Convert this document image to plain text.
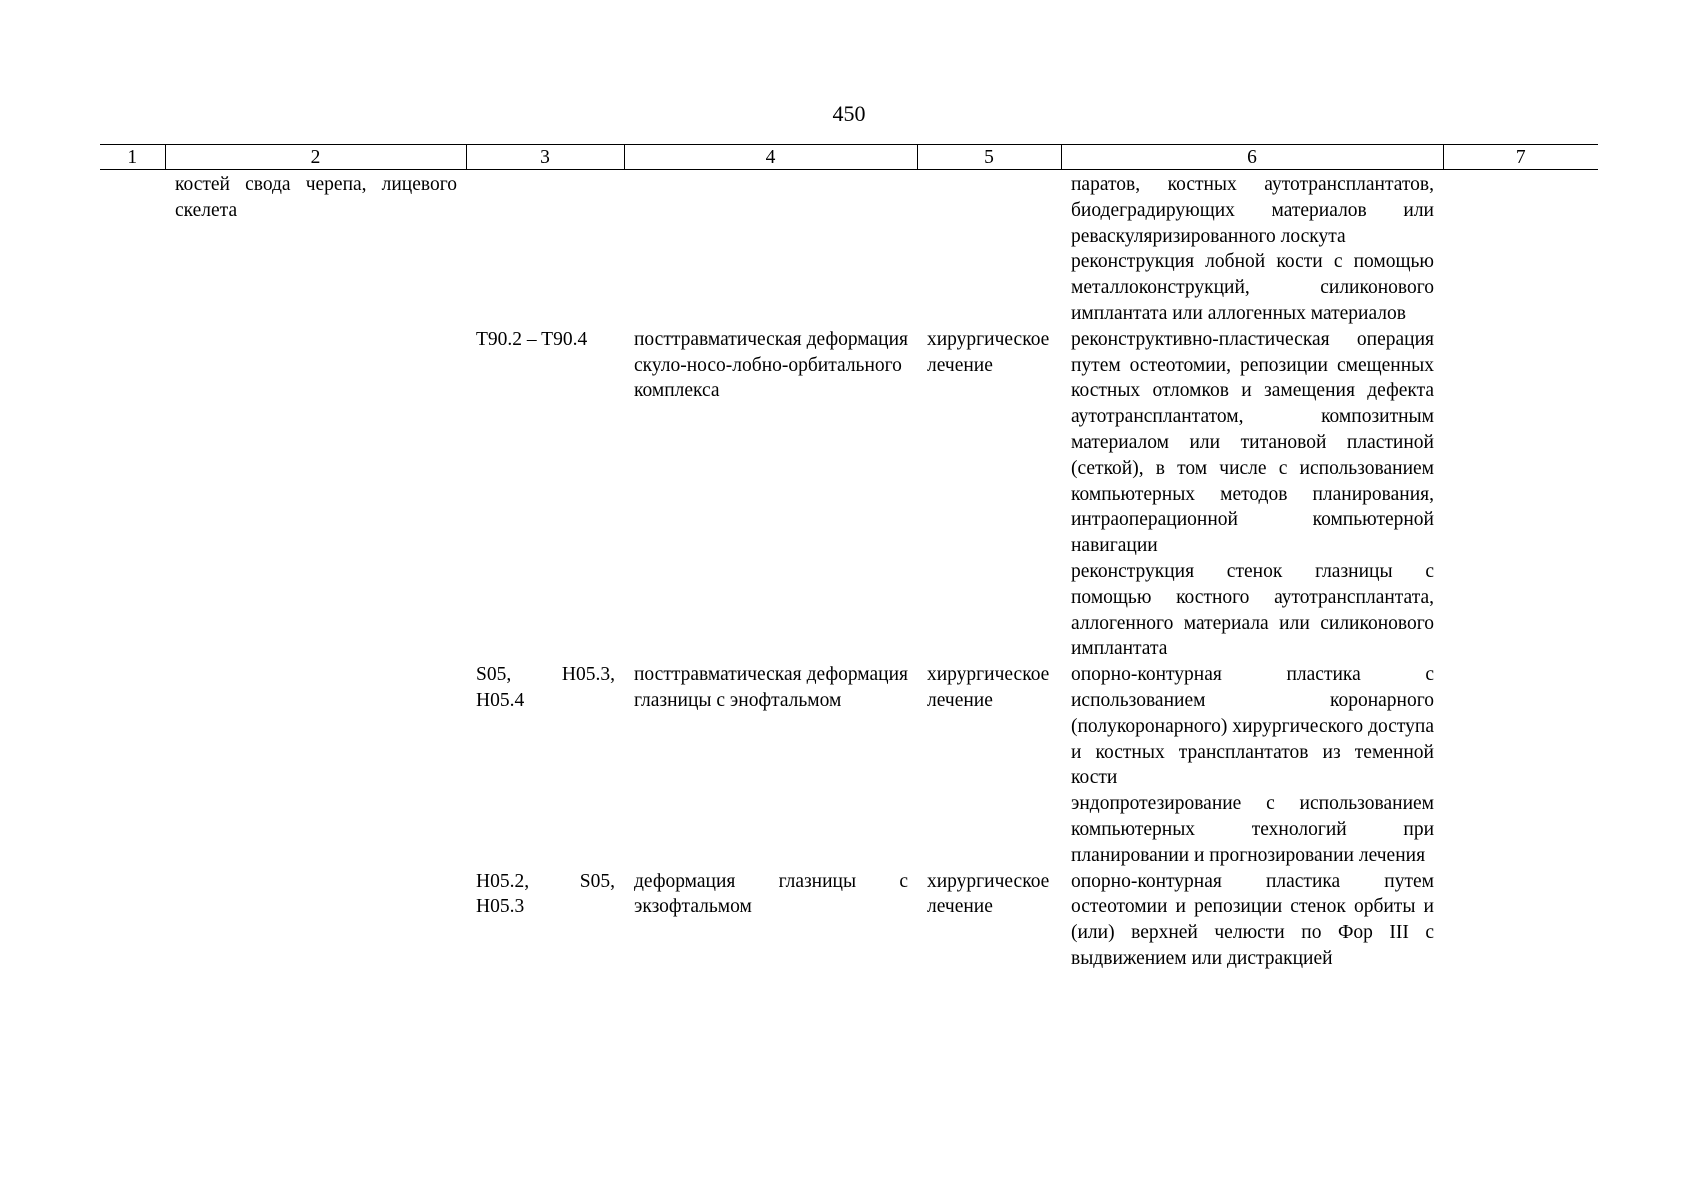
450
1	2	3	4	5	6	7
	костей свода черепа, лицевого скелета				паратов, костных аутотрансплантатов, биодеградирующих материалов или реваскуляризированного лоскута
реконструкция лобной кости с помощью металлоконструкций, силиконового имплантата или аллогенных материалов	

		T90.2 – T90.4	посттравматическая деформация скуло-носо-лобно-орбитального комплекса	хирургическое лечение	реконструктивно-пластическая операция путем остеотомии, репозиции смещенных костных отломков и замещения дефекта аутотрансплантатом, композитным материалом или титановой пластиной (сеткой), в том числе с использованием компьютерных методов планирования, интраоперационной компьютерной навигации
реконструкция стенок глазницы с помощью костного аутотрансплантата, аллогенного материала или силиконового имплантата	

		S05, H05.3, H05.4	посттравматическая деформация глазницы с энофтальмом	хирургическое лечение	опорно-контурная пластика с использованием коронарного (полукоронарного) хирургического доступа и костных трансплантатов из теменной кости
эндопротезирование с использованием компьютерных технологий при планировании и прогнозировании лечения	

		H05.2, S05, H05.3	деформация глазницы с экзофтальмом	хирургическое лечение	опорно-контурная пластика путем остеотомии и репозиции стенок орбиты и (или) верхней челюсти по Фор III с выдвижением или дистракцией	
